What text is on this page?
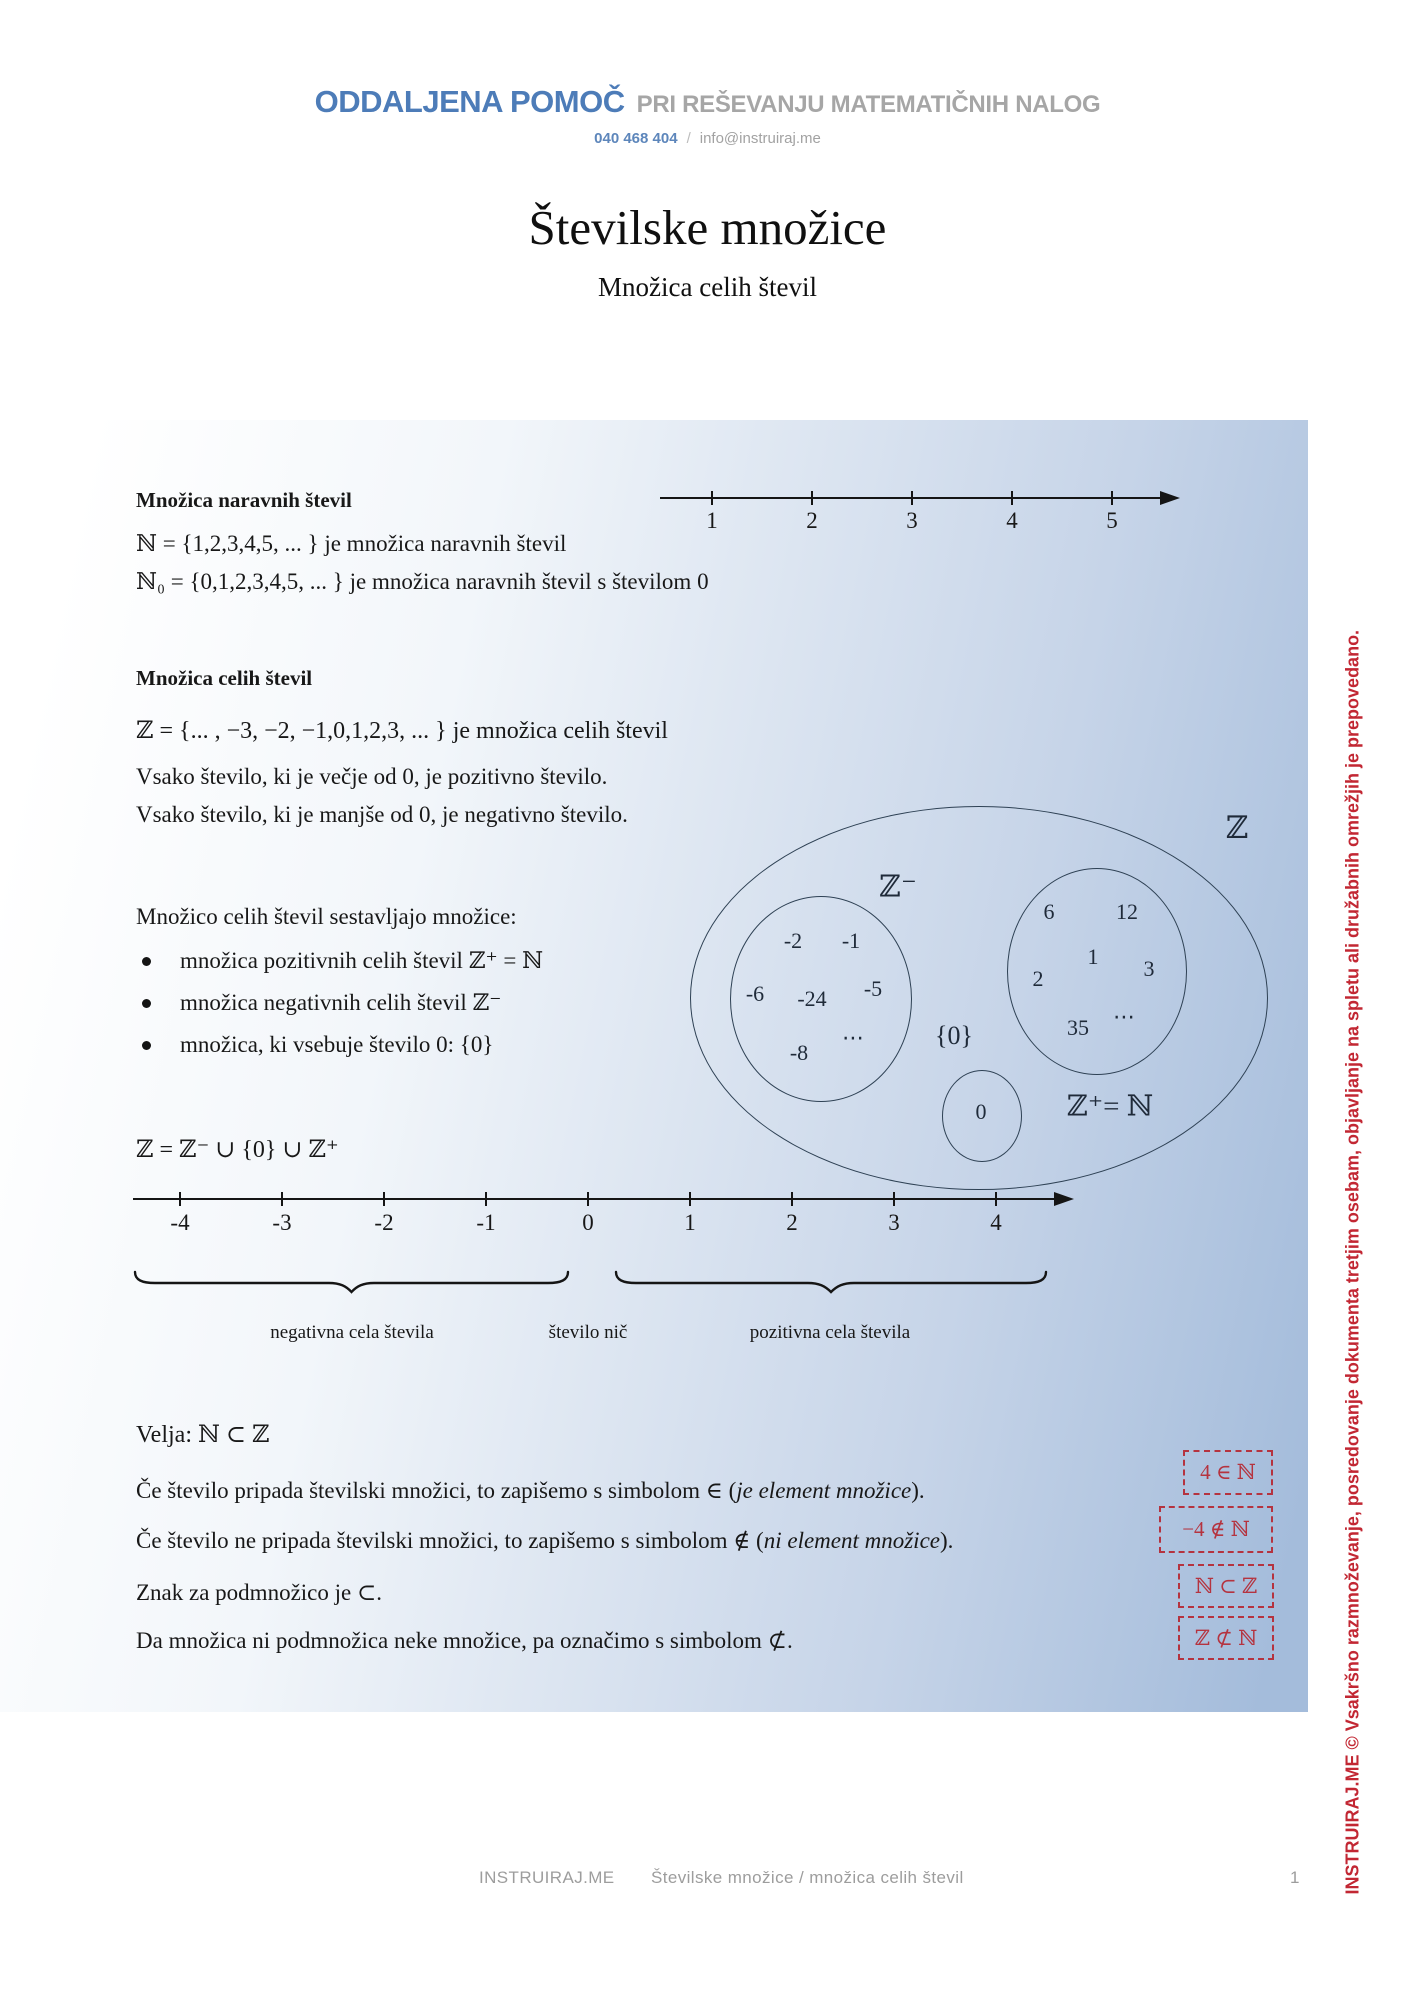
ODDALJENA POMOČ PRI REŠEVANJU MATEMATIČNIH NALOG
040 468 404 / info@instruiraj.me
Številske množice
Množica celih števil
Množica naravnih števil
ℕ = {1,2,3,4,5, ... } je množica naravnih števil
ℕ₀ = {0,1,2,3,4,5, ... } je množica naravnih števil s številom 0
1	2	3	4	5
Množica celih števil
ℤ = {... , −3, −2, −1,0,1,2,3, ... } je množica celih števil
Vsako število, ki je večje od 0, je pozitivno število.
Vsako število, ki je manjše od 0, je negativno število.
Množico celih števil sestavljajo množice:
množica pozitivnih celih števil ℤ⁺ = ℕ
množica negativnih celih števil ℤ⁻
množica, ki vsebuje število 0: {0}
ℤ
ℤ⁻
{0}
ℤ⁺= ℕ
0
-2 -1
-6 -24 -5
-8
⋯
6	12
1
2	3
35 ⋯
ℤ = ℤ⁻ ∪ {0} ∪ ℤ⁺
-4	-3	-2	-1	0	1	2	3	4
negativna cela števila	število nič	pozitivna cela števila
Velja: ℕ ⊂ ℤ
Če število pripada številski množici, to zapišemo s simbolom ∈ (je element množice).
Če število ne pripada številski množici, to zapišemo s simbolom ∉ (ni element množice).
Znak za podmnožico je ⊂.
Da množica ni podmnožica neke množice, pa označimo s simbolom ⊄.
4 ∈ ℕ
−4 ∉ ℕ
ℕ ⊂ ℤ
ℤ ⊄ ℕ	INSTRUIRAJ.ME © Vsakršno razmnoževanje, posredovanje dokumenta tretjim osebam, objavljanje na spletu ali družabnih omrežjih je prepovedano.
INSTRUIRAJ.ME Številske množice / množica celih števil	1
